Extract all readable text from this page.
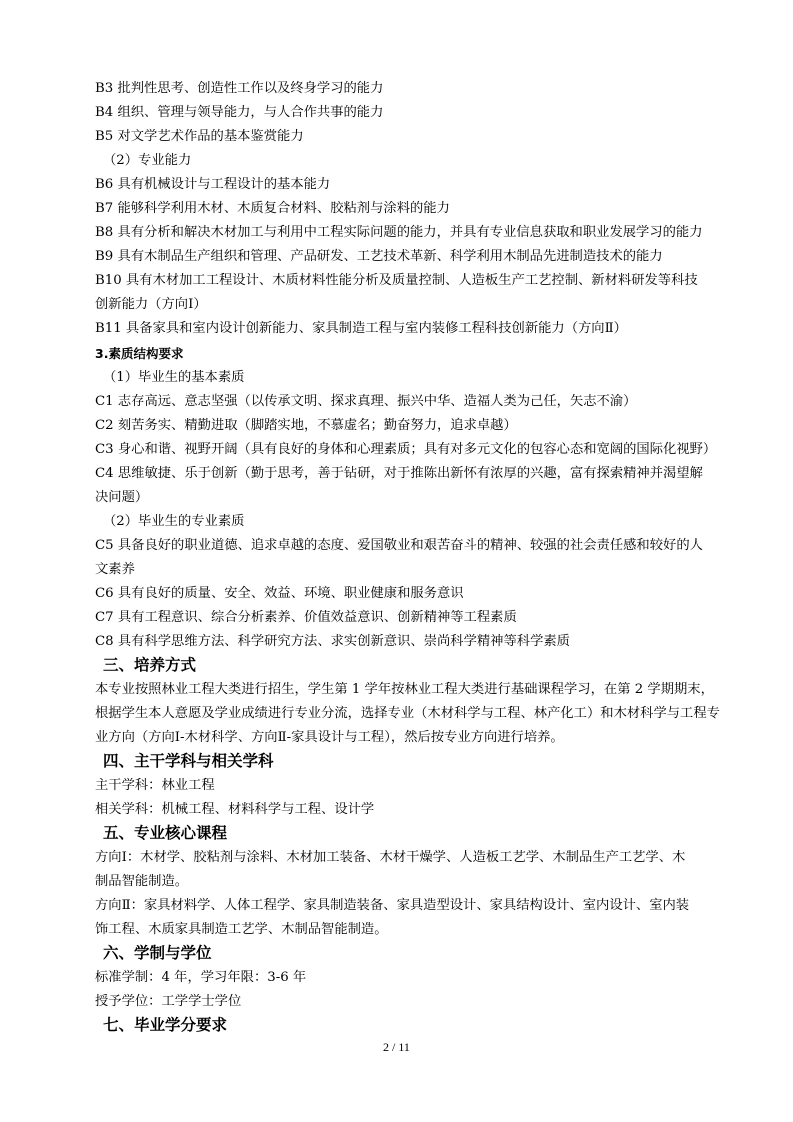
B3 批判性思考、创造性工作以及终身学习的能力
B4 组织、管理与领导能力，与人合作共事的能力
B5 对文学艺术作品的基本鉴赏能力
（2）专业能力
B6 具有机械设计与工程设计的基本能力
B7 能够科学利用木材、木质复合材料、胶粘剂与涂料的能力
B8 具有分析和解决木材加工与利用中工程实际问题的能力，并具有专业信息获取和职业发展学习的能力
B9 具有木制品生产组织和管理、产品研发、工艺技术革新、科学利用木制品先进制造技术的能力
B10 具有木材加工工程设计、木质材料性能分析及质量控制、人造板生产工艺控制、新材料研发等科技
创新能力（方向Ⅰ）
B11 具备家具和室内设计创新能力、家具制造工程与室内装修工程科技创新能力（方向Ⅱ）
3.素质结构要求
（1）毕业生的基本素质
C1 志存高远、意志坚强（以传承文明、探求真理、振兴中华、造福人类为己任，矢志不渝）
C2 刻苦务实、精勤进取（脚踏实地，不慕虚名；勤奋努力，追求卓越）
C3 身心和谐、视野开阔（具有良好的身体和心理素质；具有对多元文化的包容心态和宽阔的国际化视野）
C4 思维敏捷、乐于创新（勤于思考，善于钻研，对于推陈出新怀有浓厚的兴趣，富有探索精神并渴望解
决问题）
（2）毕业生的专业素质
C5 具备良好的职业道德、追求卓越的态度、爱国敬业和艰苦奋斗的精神、较强的社会责任感和较好的人
文素养
C6 具有良好的质量、安全、效益、环境、职业健康和服务意识
C7 具有工程意识、综合分析素养、价值效益意识、创新精神等工程素质
C8 具有科学思维方法、科学研究方法、求实创新意识、崇尚科学精神等科学素质
三、培养方式
本专业按照林业工程大类进行招生，学生第 1 学年按林业工程大类进行基础课程学习，在第 2 学期期末，
根据学生本人意愿及学业成绩进行专业分流，选择专业（木材科学与工程、林产化工）和木材科学与工程专
业方向（方向Ⅰ-木材科学、方向Ⅱ-家具设计与工程），然后按专业方向进行培养。
四、主干学科与相关学科
主干学科：林业工程
相关学科：机械工程、材料科学与工程、设计学
五、专业核心课程
方向Ⅰ：木材学、胶粘剂与涂料、木材加工装备、木材干燥学、人造板工艺学、木制品生产工艺学、木
制品智能制造。
方向Ⅱ：家具材料学、人体工程学、家具制造装备、家具造型设计、家具结构设计、室内设计、室内装
饰工程、木质家具制造工艺学、木制品智能制造。
六、学制与学位
标准学制：4 年，学习年限：3-6 年
授予学位：工学学士学位
七、毕业学分要求
2 / 11
